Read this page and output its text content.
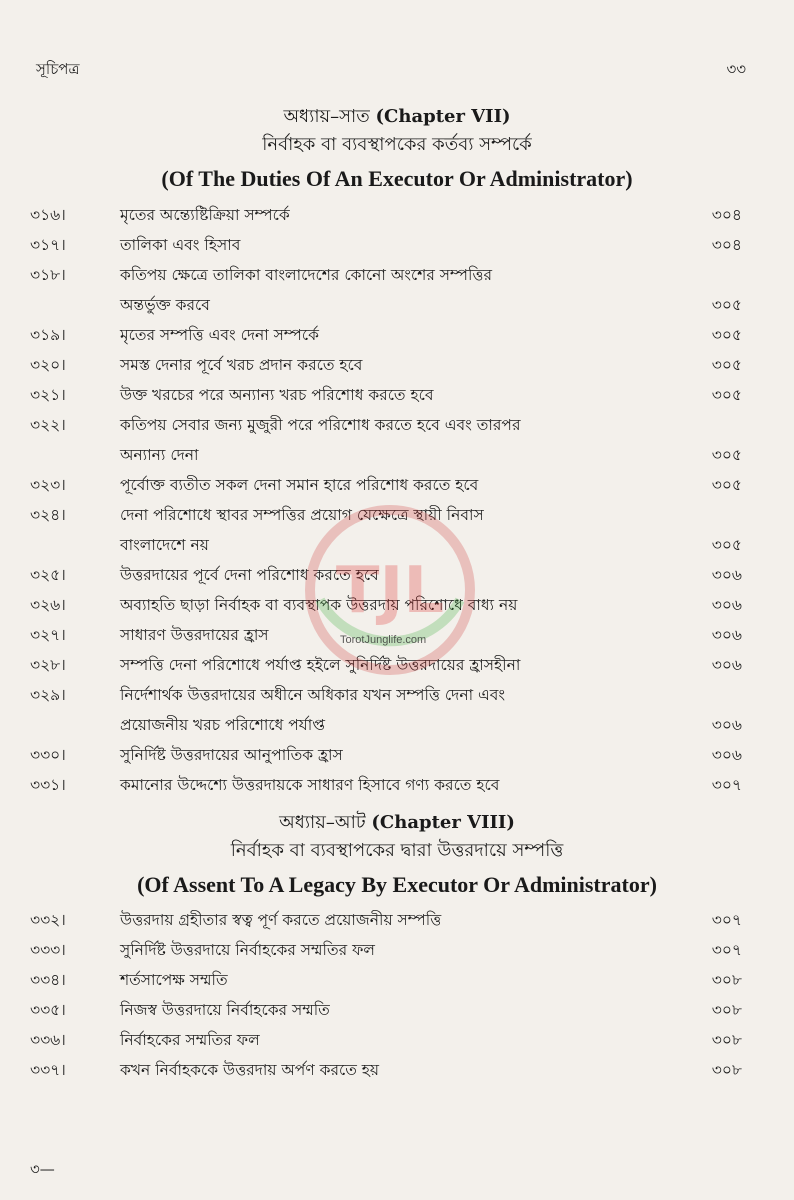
সূচিপত্র	৩৩
অধ্যায়–সাত (Chapter VII)
নির্বাহক বা ব্যবস্থাপকের কর্তব্য সম্পর্কে
(Of The Duties Of An Executor Or Administrator)
৩১৬।	মৃতের অন্ত্যেষ্টিক্রিয়া সম্পর্কে	৩০৪
৩১৭।	তালিকা এবং হিসাব	৩০৪
৩১৮।	কতিপয় ক্ষেত্রে তালিকা বাংলাদেশের কোনো অংশের সম্পত্তির
অন্তর্ভুক্ত করবে	৩০৫
৩১৯।	মৃতের সম্পত্তি এবং দেনা সম্পর্কে	৩০৫
৩২০।	সমস্ত দেনার পূর্বে খরচ প্রদান করতে হবে	৩০৫
৩২১।	উক্ত খরচের পরে অন্যান্য খরচ পরিশোধ করতে হবে	৩০৫
৩২২।	কতিপয় সেবার জন্য মুজুরী পরে পরিশোধ করতে হবে এবং তারপর
অন্যান্য দেনা	৩০৫
৩২৩।	পূর্বোক্ত ব্যতীত সকল দেনা সমান হারে পরিশোধ করতে হবে	৩০৫
৩২৪।	দেনা পরিশোধে স্থাবর সম্পত্তির প্রয়োগ যেক্ষেত্রে স্থায়ী নিবাস
বাংলাদেশে নয়	৩০৫
৩২৫।	উত্তরদায়ের পূর্বে দেনা পরিশোধ করতে হবে	৩০৬
৩২৬।	অব্যাহতি ছাড়া নির্বাহক বা ব্যবস্থাপক উত্তরদায় পরিশোধে বাধ্য নয়	৩০৬
৩২৭।	সাধারণ উত্তরদায়ের হ্রাস	৩০৬
৩২৮।	সম্পত্তি দেনা পরিশোধে পর্যাপ্ত হইলে সুনির্দিষ্ট উত্তরদায়ের হ্রাসহীনা	৩০৬
৩২৯।	নির্দেশার্থক উত্তরদায়ের অধীনে অধিকার যখন সম্পত্তি দেনা এবং
প্রয়োজনীয় খরচ পরিশোধে পর্যাপ্ত	৩০৬
৩৩০।	সুনির্দিষ্ট উত্তরদায়ের আনুপাতিক হ্রাস	৩০৬
৩৩১।	কমানোর উদ্দেশ্যে উত্তরদায়কে সাধারণ হিসাবে গণ্য করতে হবে	৩০৭
অধ্যায়–আট (Chapter VIII)
নির্বাহক বা ব্যবস্থাপকের দ্বারা উত্তরদায়ে সম্পত্তি
(Of Assent To A Legacy By Executor Or Administrator)
৩৩২।	উত্তরদায় গ্রহীতার স্বত্ব পূর্ণ করতে প্রয়োজনীয় সম্পত্তি	৩০৭
৩৩৩।	সুনির্দিষ্ট উত্তরদায়ে নির্বাহকের সম্মতির ফল	৩০৭
৩৩৪।	শর্তসাপেক্ষ সম্মতি	৩০৮
৩৩৫।	নিজস্ব উত্তরদায়ে নির্বাহকের সম্মতি	৩০৮
৩৩৬।	নির্বাহকের সম্মতির ফল	৩০৮
৩৩৭।	কখন নির্বাহককে উত্তরদায় অর্পণ করতে হয়	৩০৮
TJL
TorotJunglife.com
৩—
